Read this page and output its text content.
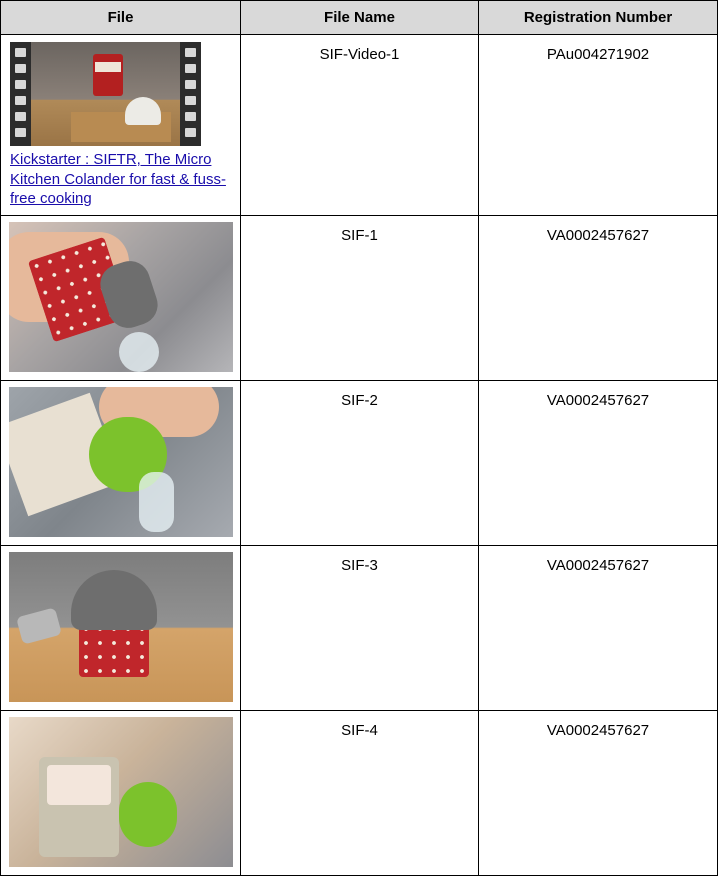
File	File Name	Registration Number

Kickstarter : SIFTR, The Micro Kitchen Colander for fast & fuss-free cooking	SIF-Video-1	PAu004271902

	SIF-1	VA0002457627

	SIF-2	VA0002457627

	SIF-3	VA0002457627

	SIF-4	VA0002457627
